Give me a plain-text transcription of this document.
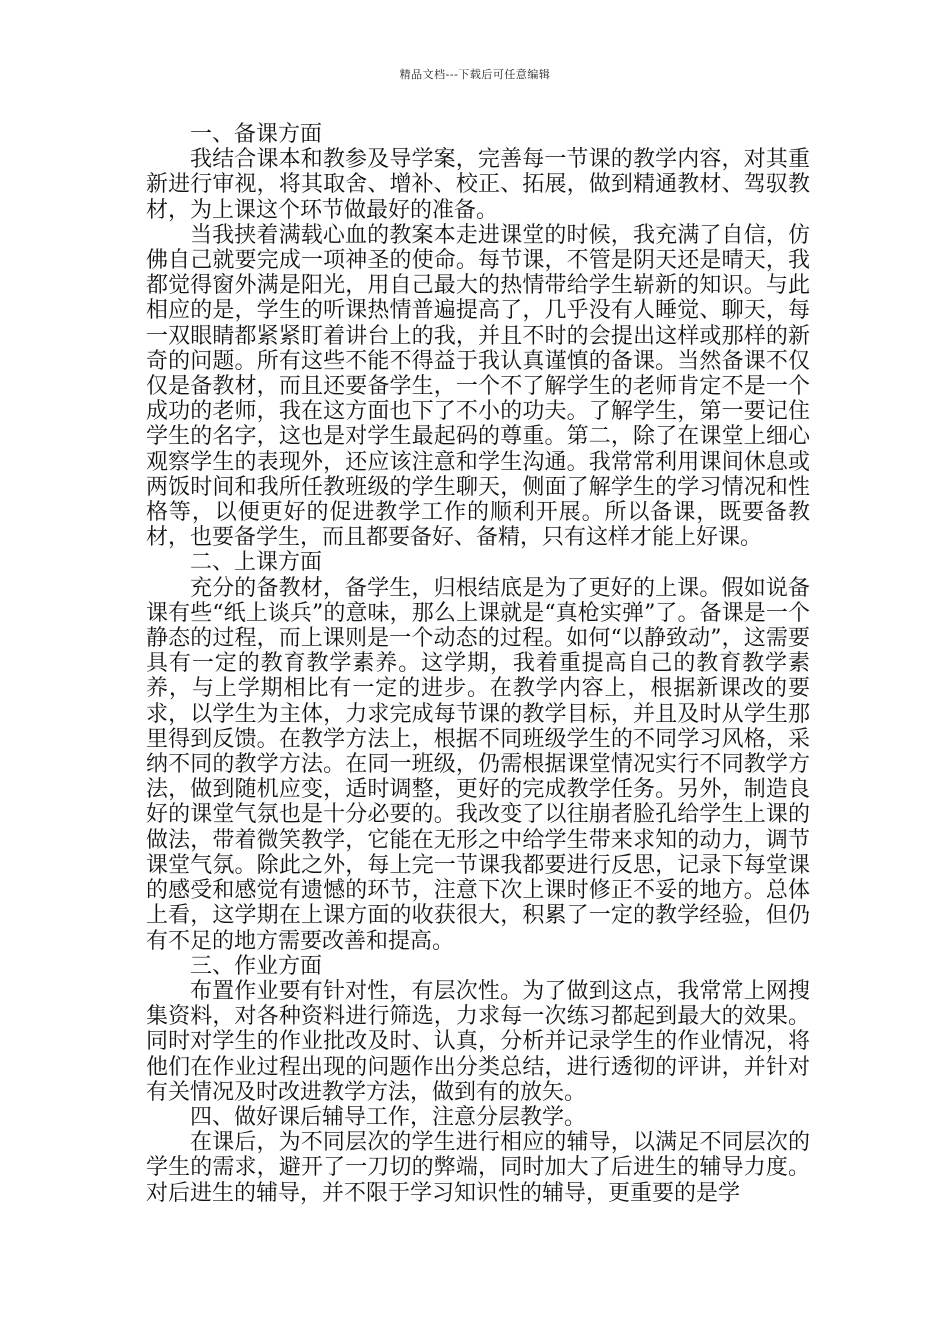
精品文档---下载后可任意编辑

一、备课方面

我结合课本和教参及导学案，完善每一节课的教学内容，对其重新进行审视，将其取舍、增补、校正、拓展，做到精通教材、驾驭教材，为上课这个环节做最好的准备。

当我挟着满载心血的教案本走进课堂的时候，我充满了自信，仿佛自己就要完成一项神圣的使命。每节课，不管是阴天还是晴天，我都觉得窗外满是阳光，用自己最大的热情带给学生崭新的知识。与此相应的是，学生的听课热情普遍提高了，几乎没有人睡觉、聊天，每一双眼睛都紧紧盯着讲台上的我，并且不时的会提出这样或那样的新奇的问题。所有这些不能不得益于我认真谨慎的备课。当然备课不仅仅是备教材，而且还要备学生，一个不了解学生的老师肯定不是一个成功的老师，我在这方面也下了不小的功夫。了解学生，第一要记住学生的名字，这也是对学生最起码的尊重。第二，除了在课堂上细心观察学生的表现外，还应该注意和学生沟通。我常常利用课间休息或两饭时间和我所任教班级的学生聊天，侧面了解学生的学习情况和性格等，以便更好的促进教学工作的顺利开展。所以备课，既要备教材，也要备学生，而且都要备好、备精，只有这样才能上好课。

二、上课方面

充分的备教材，备学生，归根结底是为了更好的上课。假如说备课有些“纸上谈兵”的意味，那么上课就是“真枪实弹”了。备课是一个静态的过程，而上课则是一个动态的过程。如何“以静致动”，这需要具有一定的教育教学素养。这学期，我着重提高自己的教育教学素养，与上学期相比有一定的进步。在教学内容上，根据新课改的要求，以学生为主体，力求完成每节课的教学目标，并且及时从学生那里得到反馈。在教学方法上，根据不同班级学生的不同学习风格，采纳不同的教学方法。在同一班级，仍需根据课堂情况实行不同教学方法，做到随机应变，适时调整，更好的完成教学任务。另外，制造良好的课堂气氛也是十分必要的。我改变了以往崩者脸孔给学生上课的做法，带着微笑教学，它能在无形之中给学生带来求知的动力，调节课堂气氛。除此之外，每上完一节课我都要进行反思，记录下每堂课的感受和感觉有遗憾的环节，注意下次上课时修正不妥的地方。总体上看，这学期在上课方面的收获很大，积累了一定的教学经验，但仍有不足的地方需要改善和提高。

三、作业方面

布置作业要有针对性，有层次性。为了做到这点，我常常上网搜集资料，对各种资料进行筛选，力求每一次练习都起到最大的效果。同时对学生的作业批改及时、认真，分析并记录学生的作业情况，将他们在作业过程出现的问题作出分类总结，进行透彻的评讲，并针对有关情况及时改进教学方法，做到有的放矢。

四、做好课后辅导工作，注意分层教学。

在课后，为不同层次的学生进行相应的辅导，以满足不同层次的学生的需求，避开了一刀切的弊端，同时加大了后进生的辅导力度。对后进生的辅导，并不限于学习知识性的辅导，更重要的是学
